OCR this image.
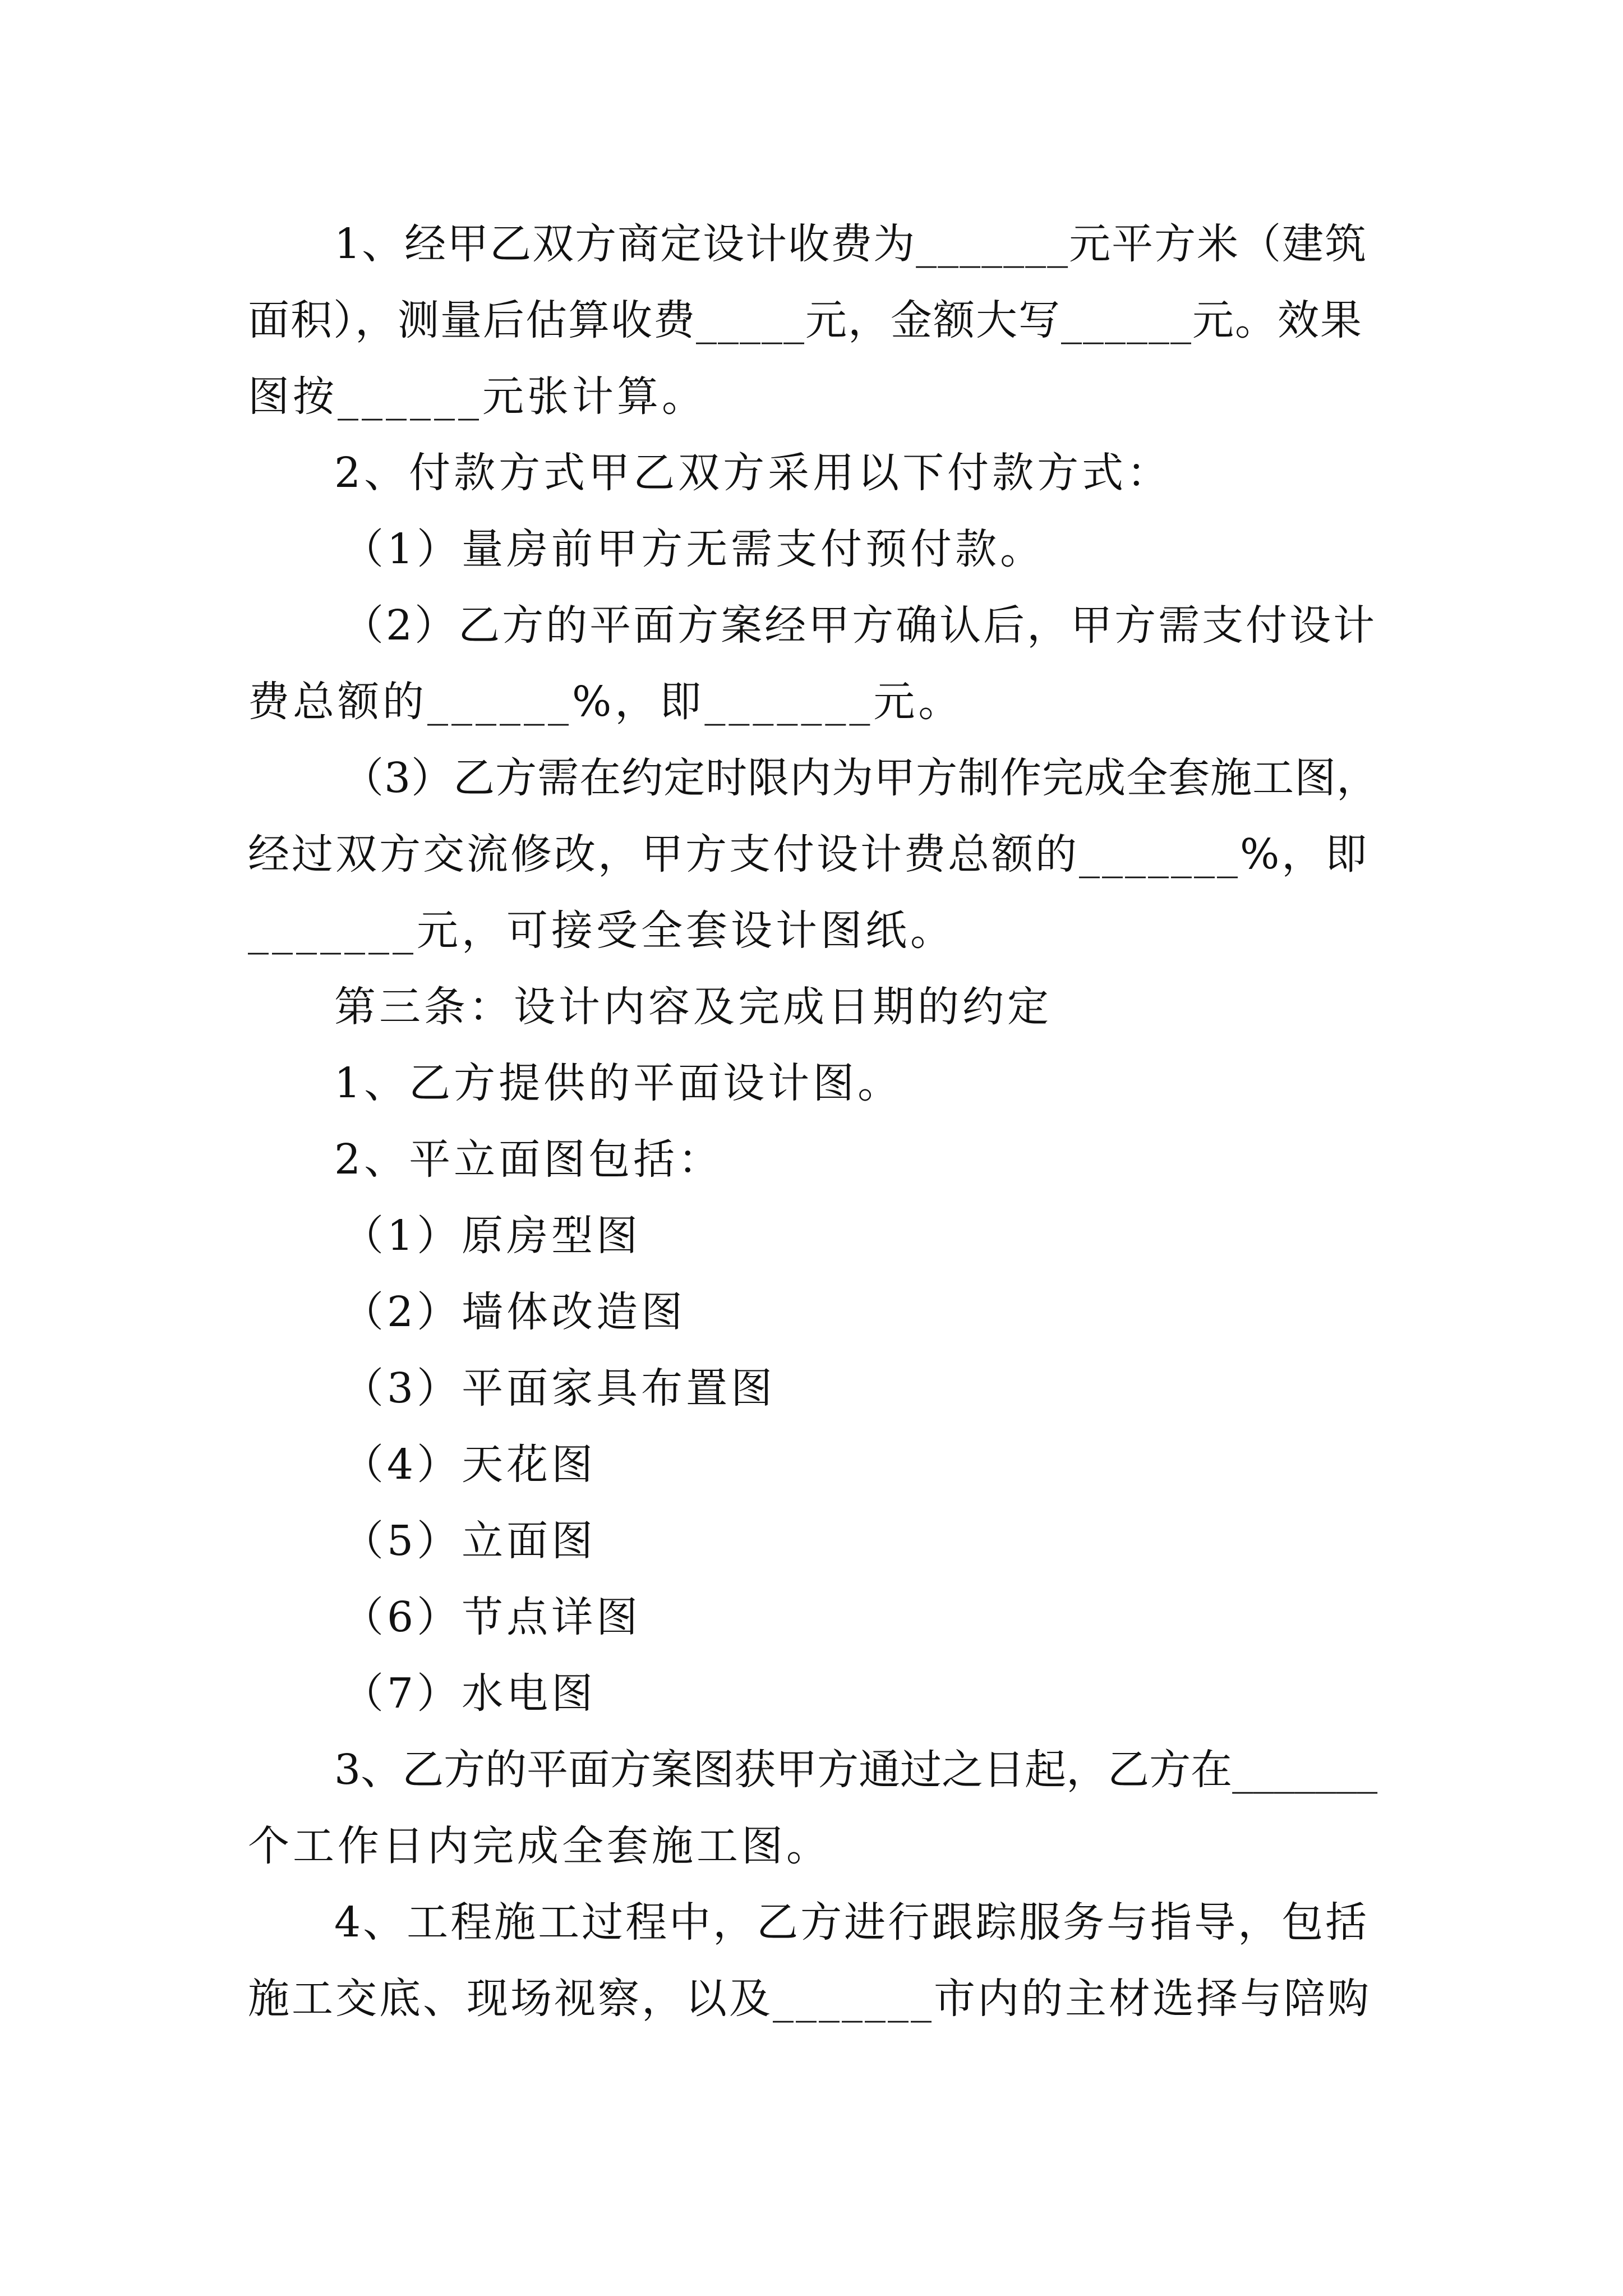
1、经甲乙双方商定设计收费为_______元平方米（建筑
面积），测量后估算收费_____元，金额大写______元。效果
图按______元张计算。
2、付款方式甲乙双方采用以下付款方式：
（1）量房前甲方无需支付预付款。
（2）乙方的平面方案经甲方确认后，甲方需支付设计
费总额的______%，即_______元。
（3）乙方需在约定时限内为甲方制作完成全套施工图，
经过双方交流修改，甲方支付设计费总额的_______%，即
_______元，可接受全套设计图纸。
第三条：设计内容及完成日期的约定
1、乙方提供的平面设计图。
2、平立面图包括：
（1）原房型图
（2）墙体改造图
（3）平面家具布置图
（4）天花图
（5）立面图
（6）节点详图
（7）水电图
3、乙方的平面方案图获甲方通过之日起，乙方在_______
个工作日内完成全套施工图。
4、工程施工过程中，乙方进行跟踪服务与指导，包括
施工交底、现场视察，以及_______市内的主材选择与陪购
